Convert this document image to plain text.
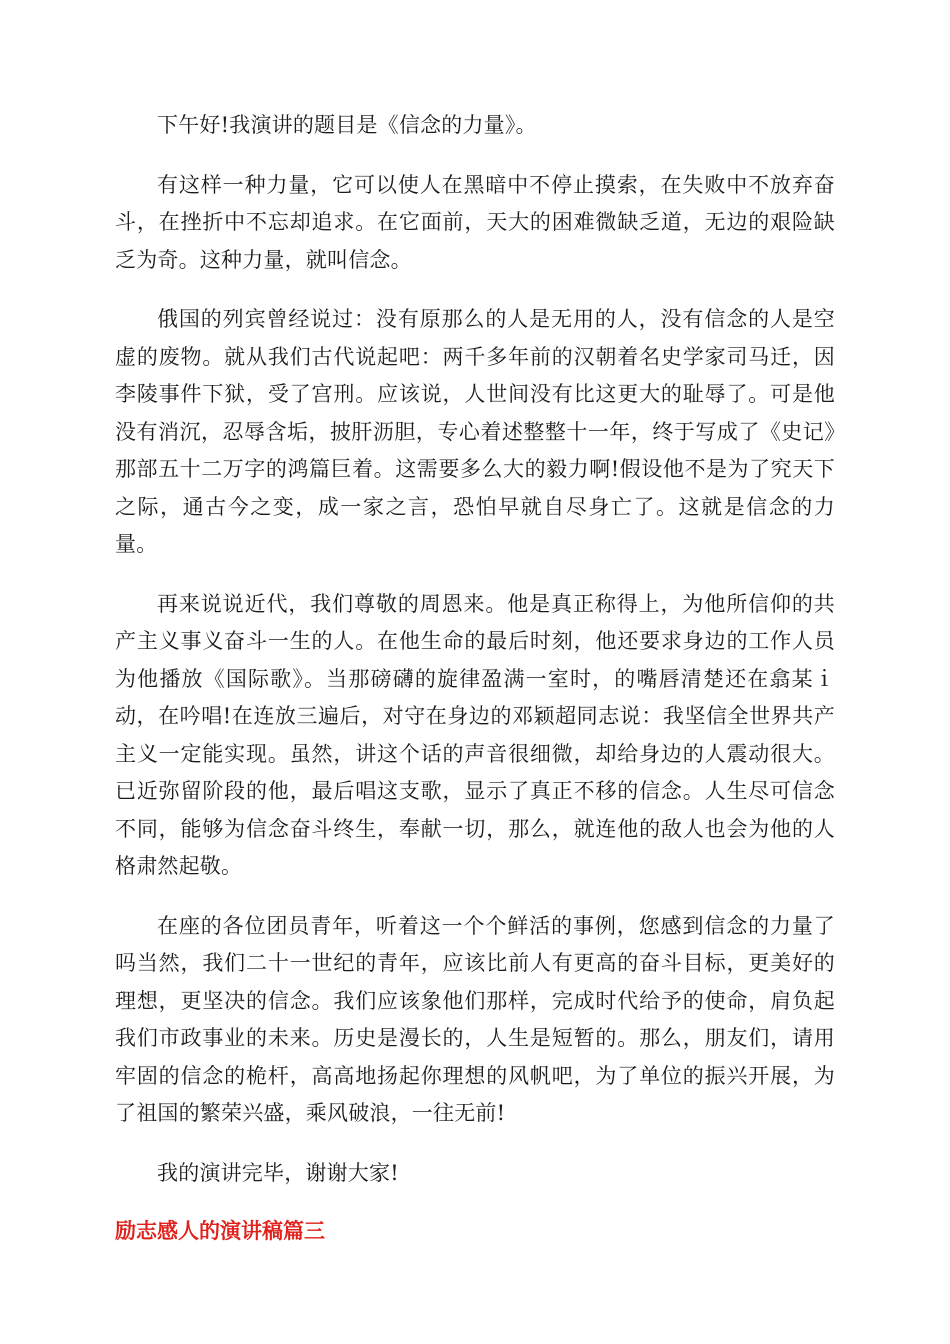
下午好!我演讲的题目是《信念的力量》。

有这样一种力量，它可以使人在黑暗中不停止摸索，在失败中不放弃奋斗，在挫折中不忘却追求。在它面前，天大的困难微缺乏道，无边的艰险缺乏为奇。这种力量，就叫信念。

俄国的列宾曾经说过：没有原那么的人是无用的人，没有信念的人是空虚的废物。就从我们古代说起吧：两千多年前的汉朝着名史学家司马迁，因李陵事件下狱，受了宫刑。应该说，人世间没有比这更大的耻辱了。可是他没有消沉，忍辱含垢，披肝沥胆，专心着述整整十一年，终于写成了《史记》那部五十二万字的鸿篇巨着。这需要多么大的毅力啊!假设他不是为了究天下之际，通古今之变，成一家之言，恐怕早就自尽身亡了。这就是信念的力量。

再来说说近代，我们尊敬的周恩来。他是真正称得上，为他所信仰的共产主义事义奋斗一生的人。在他生命的最后时刻，他还要求身边的工作人员为他播放《国际歌》。当那磅礴的旋律盈满一室时，的嘴唇清楚还在翕某ｉ动，在吟唱!在连放三遍后，对守在身边的邓颖超同志说：我坚信全世界共产主义一定能实现。虽然，讲这个话的声音很细微，却给身边的人震动很大。已近弥留阶段的他，最后唱这支歌，显示了真正不移的信念。人生尽可信念不同，能够为信念奋斗终生，奉献一切，那么，就连他的敌人也会为他的人格肃然起敬。

在座的各位团员青年，听着这一个个鲜活的事例，您感到信念的力量了吗当然，我们二十一世纪的青年，应该比前人有更高的奋斗目标，更美好的理想，更坚决的信念。我们应该象他们那样，完成时代给予的使命，肩负起我们市政事业的未来。历史是漫长的，人生是短暂的。那么，朋友们，请用牢固的信念的桅杆，高高地扬起你理想的风帆吧，为了单位的振兴开展，为了祖国的繁荣兴盛，乘风破浪，一往无前!

我的演讲完毕，谢谢大家!

励志感人的演讲稿篇三
